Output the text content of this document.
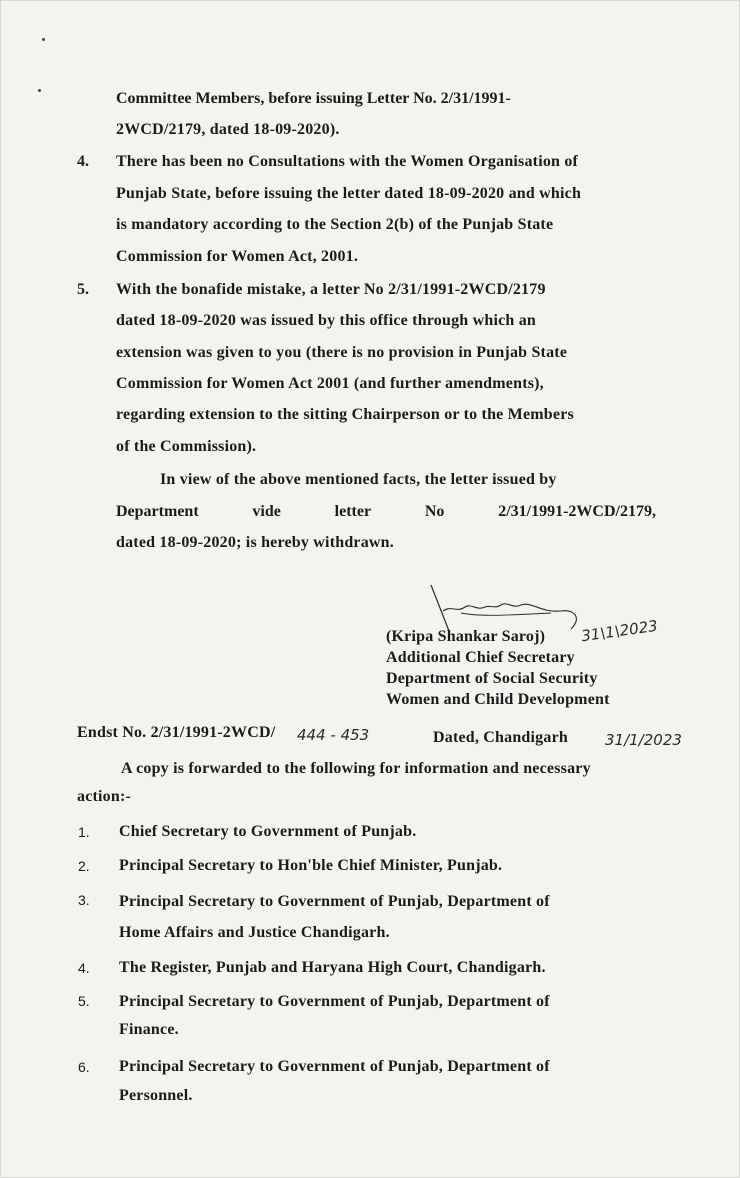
Committee Members, before issuing Letter No. 2/31/1991-
2WCD/2179, dated 18-09-2020).
4. There has been no Consultations with the Women Organisation of
Punjab State, before issuing the letter dated 18-09-2020 and which
is mandatory according to the Section 2(b) of the Punjab State
Commission for Women Act, 2001.
5. With the bonafide mistake, a letter No 2/31/1991-2WCD/2179
dated 18-09-2020 was issued by this office through which an
extension was given to you (there is no provision in Punjab State
Commission for Women Act 2001 (and further amendments),
regarding extension to the sitting Chairperson or to the Members
of the Commission).
In view of the above mentioned facts, the letter issued by
Department	vide	letter	No	2/31/1991-2WCD/2179,
dated 18-09-2020; is hereby withdrawn.
(Kripa Shankar Saroj) 31\1\2023
Additional Chief Secretary
Department of Social Security
Women and Child Development
Endst No. 2/31/1991-2WCD/ 444 - 453	Dated, Chandigarh 31/1/2023
A copy is forwarded to the following for information and necessary
action:-
1. Chief Secretary to Government of Punjab.
2. Principal Secretary to Hon'ble Chief Minister, Punjab.
3. Principal Secretary to Government of Punjab, Department of
Home Affairs and Justice Chandigarh.
4. The Register, Punjab and Haryana High Court, Chandigarh.
5. Principal Secretary to Government of Punjab, Department of
Finance.
6. Principal Secretary to Government of Punjab, Department of
Personnel.
